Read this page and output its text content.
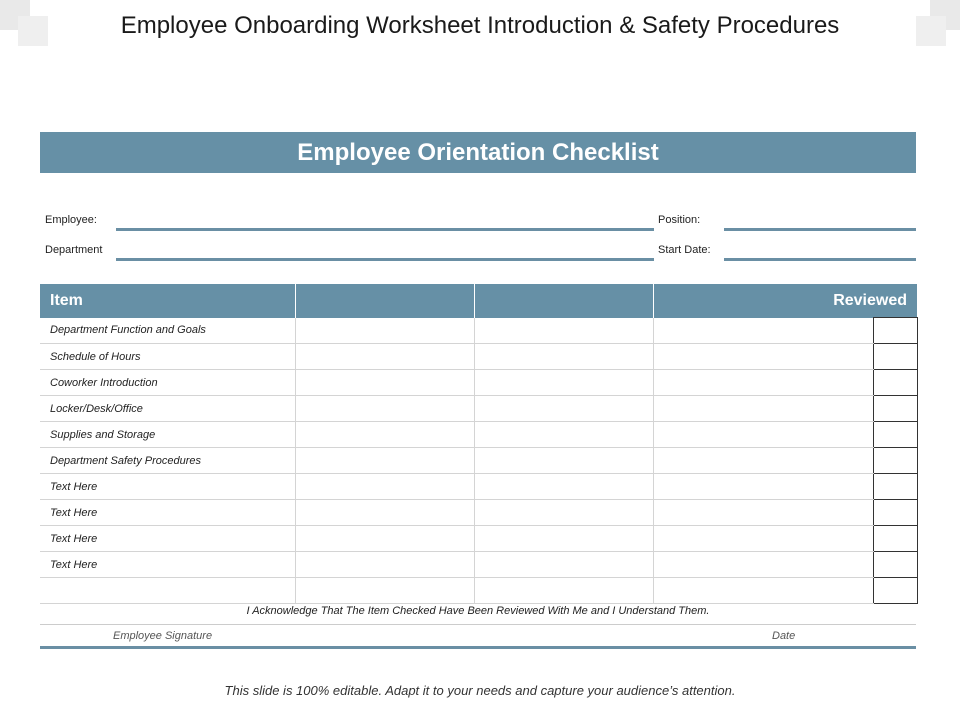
Employee Onboarding Worksheet Introduction & Safety Procedures
Employee Orientation Checklist
Employee:	Position:
Department	Start Date:
Item			Reviewed	
Department Function and Goals				
Schedule of Hours				
Coworker Introduction				
Locker/Desk/Office				
Supplies and Storage				
Department Safety Procedures				
Text Here				
Text Here				
Text Here				
Text Here				

I Acknowledge That The Item Checked Have Been Reviewed With Me and I Understand Them.
Employee Signature	Date
This slide is 100% editable. Adapt it to your needs and capture your audience’s attention.
